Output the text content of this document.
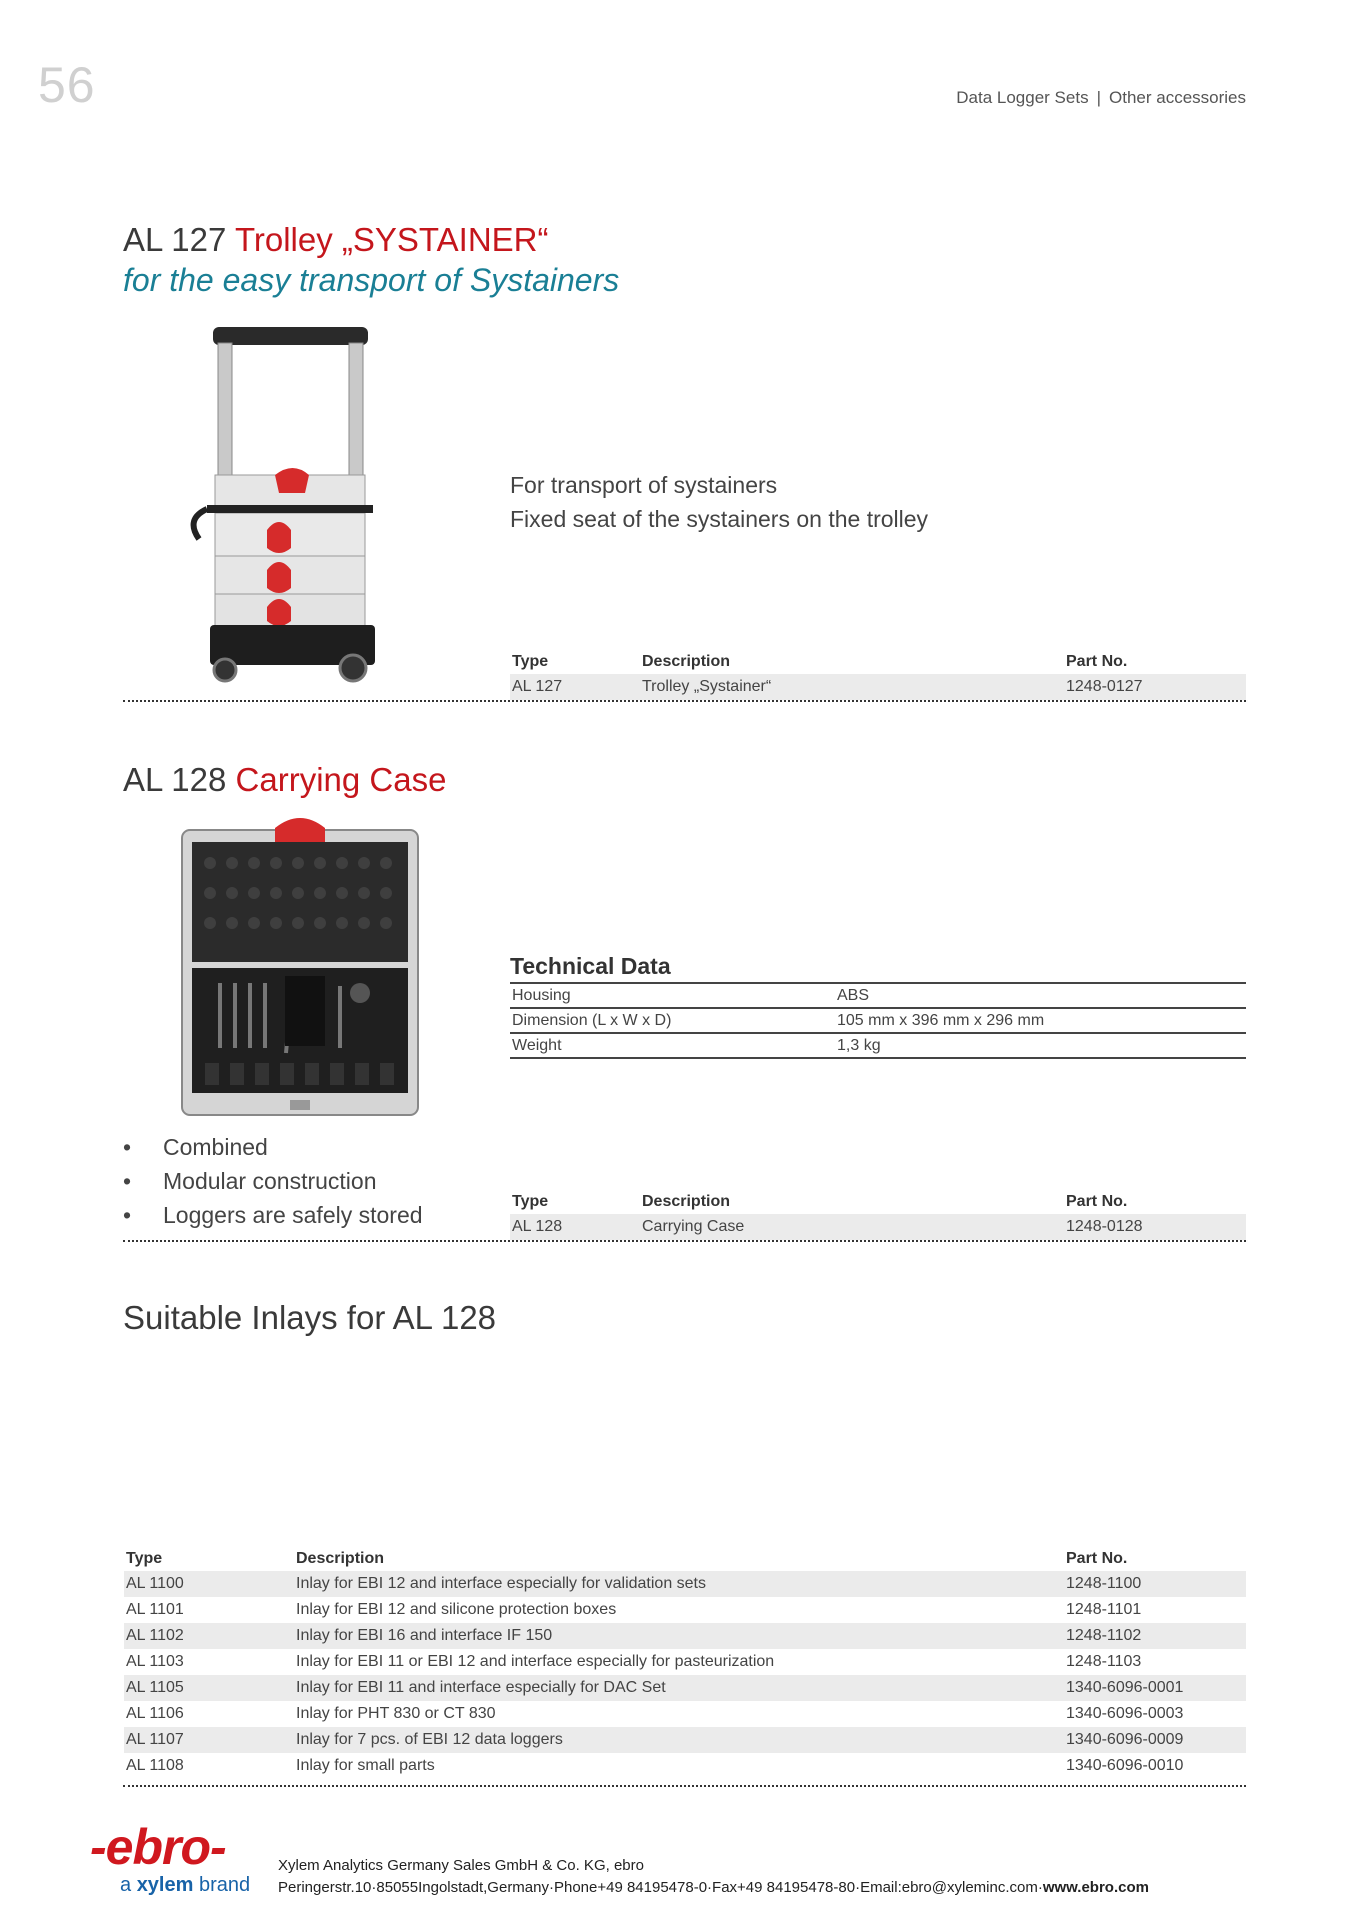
56	Data Logger Sets | Other accessories
AL 127 Trolley „SYSTAINER“
for the easy transport of Systainers
For transport of systainers
Fixed seat of the systainers on the trolley
Type	Description	Part No.
AL 127	Trolley „Systainer“	1248-0127
AL 128 Carrying Case
Technical Data
Housing	ABS
Dimension (L x W x D)	105 mm x 396 mm x 296 mm
Weight	1,3 kg
•	Combined
•	Modular construction
•	Loggers are safely stored
Type	Description	Part No.
AL 128	Carrying Case	1248-0128
Suitable Inlays for AL 128
Type	Description	Part No.
AL 1100	Inlay for EBI 12 and interface especially for validation sets	1248-1100
AL 1101	Inlay for EBI 12 and silicone protection boxes	1248-1101
AL 1102	Inlay for EBI 16 and interface IF 150	1248-1102
AL 1103	Inlay for EBI 11 or EBI 12 and interface especially for pasteurization	1248-1103
AL 1105	Inlay for EBI 11 and interface especially for DAC Set	1340-6096-0001
AL 1106	Inlay for PHT 830 or CT 830	1340-6096-0003
AL 1107	Inlay for 7 pcs. of EBI 12 data loggers	1340-6096-0009
AL 1108	Inlay for small parts	1340-6096-0010
-ebro-
a xylem brand
Xylem Analytics Germany Sales GmbH & Co. KG, ebro
Peringerstr.10·85055Ingolstadt,Germany·Phone+49 84195478-0·Fax+49 84195478-80·Email:ebro@xyleminc.com·www.ebro.com
